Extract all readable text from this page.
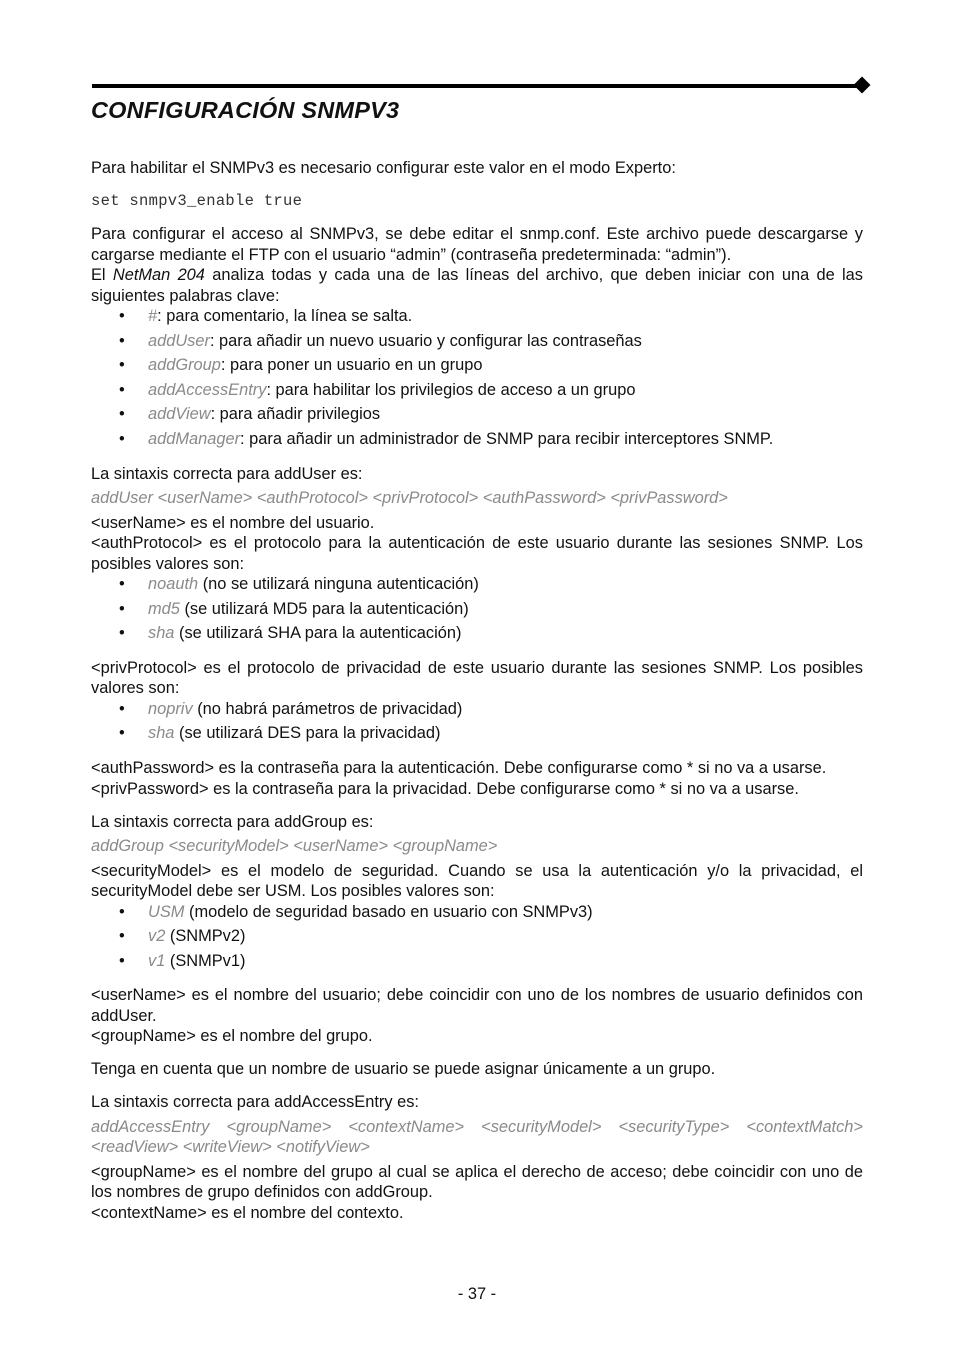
CONFIGURACIÓN SNMPV3

Para habilitar el SNMPv3 es necesario configurar este valor en el modo Experto:

set snmpv3_enable true

Para configurar el acceso al SNMPv3, se debe editar el snmp.conf. Este archivo puede descargarse y cargarse mediante el FTP con el usuario “admin” (contraseña predeterminada: “admin”).

El NetMan 204 analiza todas y cada una de las líneas del archivo, que deben iniciar con una de las siguientes palabras clave:

• #: para comentario, la línea se salta.
• addUser: para añadir un nuevo usuario y configurar las contraseñas
• addGroup: para poner un usuario en un grupo
• addAccessEntry: para habilitar los privilegios de acceso a un grupo
• addView: para añadir privilegios
• addManager: para añadir un administrador de SNMP para recibir interceptores SNMP.

La sintaxis correcta para addUser es:

addUser <userName> <authProtocol> <privProtocol> <authPassword> <privPassword>

<userName> es el nombre del usuario.

<authProtocol> es el protocolo para la autenticación de este usuario durante las sesiones SNMP. Los posibles valores son:

• noauth (no se utilizará ninguna autenticación)
• md5 (se utilizará MD5 para la autenticación)
• sha (se utilizará SHA para la autenticación)

<privProtocol> es el protocolo de privacidad de este usuario durante las sesiones SNMP. Los posibles valores son:

• nopriv (no habrá parámetros de privacidad)
• sha (se utilizará DES para la privacidad)

<authPassword> es la contraseña para la autenticación. Debe configurarse como * si no va a usarse.

<privPassword> es la contraseña para la privacidad. Debe configurarse como * si no va a usarse.

La sintaxis correcta para addGroup es:

addGroup <securityModel> <userName> <groupName>

<securityModel> es el modelo de seguridad. Cuando se usa la autenticación y/o la privacidad, el securityModel debe ser USM. Los posibles valores son:

• USM (modelo de seguridad basado en usuario con SNMPv3)
• v2 (SNMPv2)
• v1 (SNMPv1)

<userName> es el nombre del usuario; debe coincidir con uno de los nombres de usuario definidos con addUser.

<groupName> es el nombre del grupo.

Tenga en cuenta que un nombre de usuario se puede asignar únicamente a un grupo.

La sintaxis correcta para addAccessEntry es:

addAccessEntry <groupName> <contextName> <securityModel> <securityType> <contextMatch> <readView> <writeView> <notifyView>

<groupName> es el nombre del grupo al cual se aplica el derecho de acceso; debe coincidir con uno de los nombres de grupo definidos con addGroup.

<contextName> es el nombre del contexto.

- 37 -
